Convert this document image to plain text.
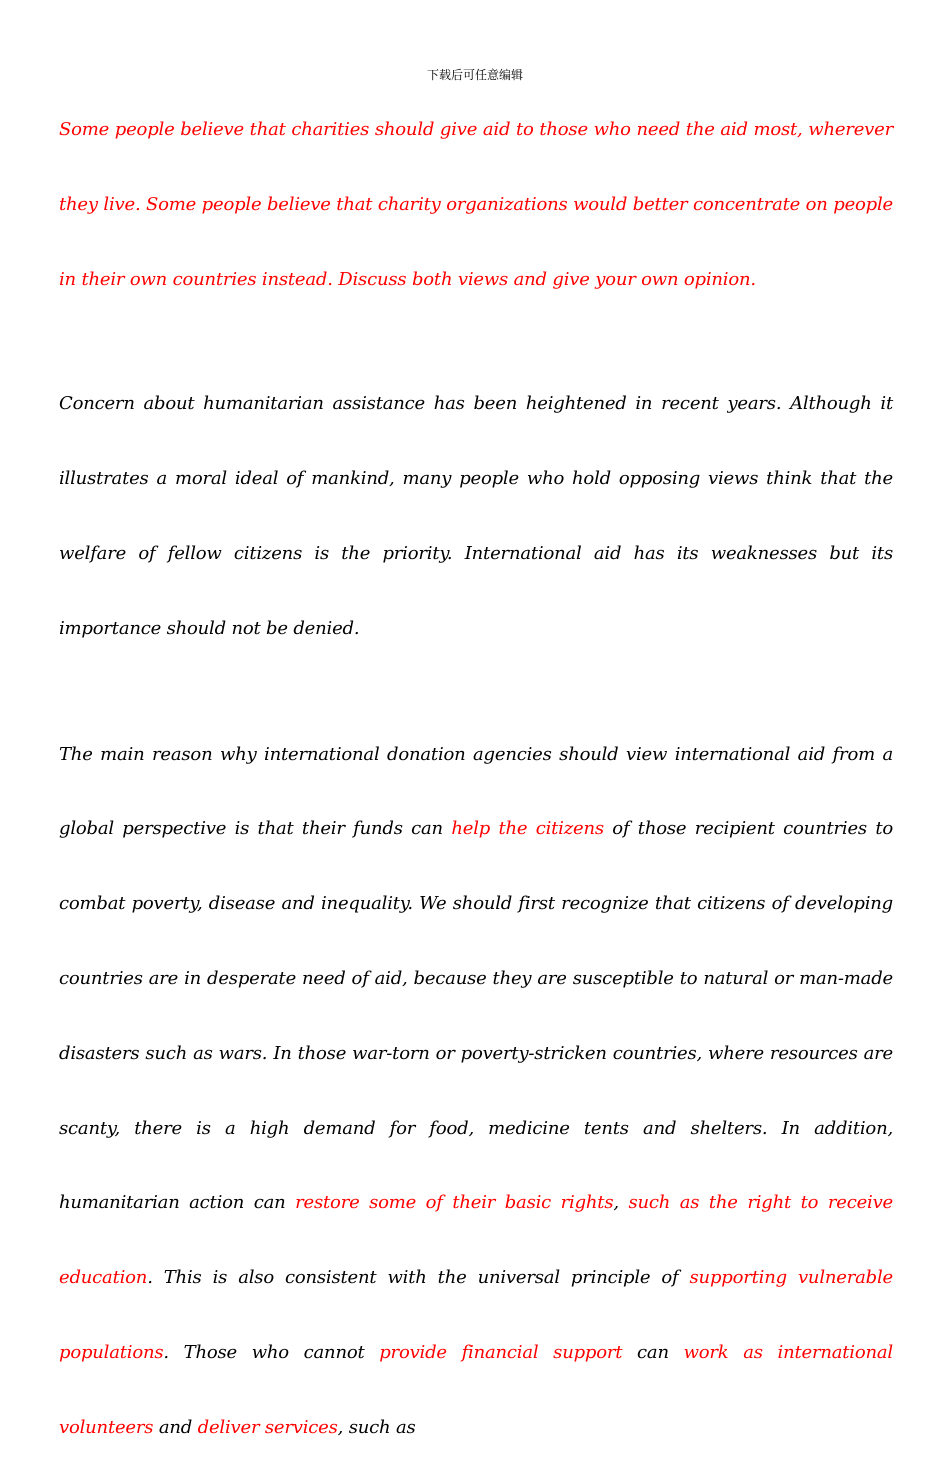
下载后可任意编辑

Some people believe that charities should give aid to those who need the aid most, wherever they live. Some people believe that charity organizations would better concentrate on people in their own countries instead. Discuss both views and give your own opinion.

Concern about humanitarian assistance has been heightened in recent years. Although it illustrates a moral ideal of mankind, many people who hold opposing views think that the welfare of fellow citizens is the priority. International aid has its weaknesses but its importance should not be denied.

The main reason why international donation agencies should view international aid from a global perspective is that their funds can help the citizens of those recipient countries to combat poverty, disease and inequality. We should first recognize that citizens of developing countries are in desperate need of aid, because they are susceptible to natural or man-made disasters such as wars. In those war-torn or poverty-stricken countries, where resources are scanty, there is a high demand for food, medicine tents and shelters. In addition, humanitarian action can restore some of their basic rights, such as the right to receive education. This is also consistent with the universal principle of supporting vulnerable populations. Those who cannot provide financial support can work as international volunteers and deliver services, such as
